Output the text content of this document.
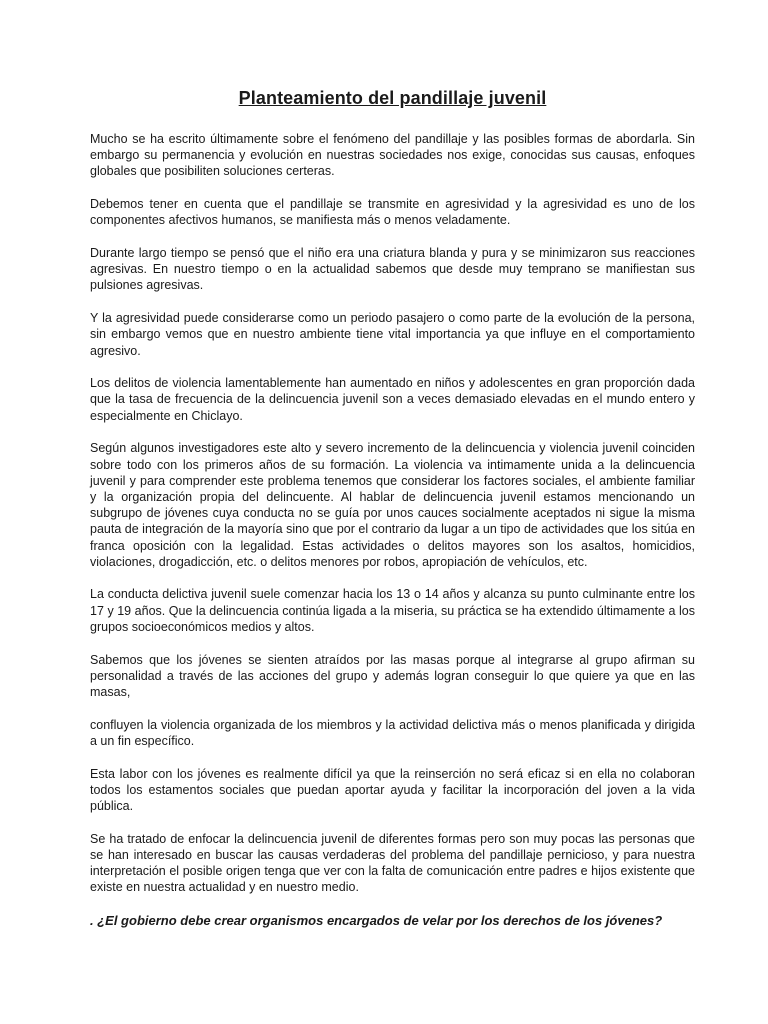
Planteamiento del pandillaje juvenil

Mucho se ha escrito últimamente sobre el fenómeno del pandillaje y las posibles formas de abordarla. Sin embargo su permanencia y evolución en nuestras sociedades nos exige, conocidas sus causas, enfoques globales que posibiliten soluciones certeras.

Debemos tener en cuenta que el pandillaje se transmite en agresividad y la agresividad es uno de los componentes afectivos humanos, se manifiesta más o menos veladamente.

Durante largo tiempo se pensó que el niño era una criatura blanda y pura y se minimizaron sus reacciones agresivas. En nuestro tiempo o en la actualidad sabemos que desde muy temprano se manifiestan sus pulsiones agresivas.

Y la agresividad puede considerarse como un periodo pasajero o como parte de la evolución de la persona, sin embargo vemos que en nuestro ambiente tiene vital importancia ya que influye en el comportamiento agresivo.

Los delitos de violencia lamentablemente han aumentado en niños y adolescentes en gran proporción dada que la tasa de frecuencia de la delincuencia juvenil son a veces demasiado elevadas en el mundo entero y especialmente en Chiclayo.

Según algunos investigadores este alto y severo incremento de la delincuencia y violencia juvenil coinciden sobre todo con los primeros años de su formación. La violencia va intimamente unida a la delincuencia juvenil y para comprender este problema tenemos que considerar los factores sociales, el ambiente familiar y la organización propia del delincuente. Al hablar de delincuencia juvenil estamos mencionando un subgrupo de jóvenes cuya conducta no se guía por unos cauces socialmente aceptados ni sigue la misma pauta de integración de la mayoría sino que por el contrario da lugar a un tipo de actividades que los sitúa en franca oposición con la legalidad. Estas actividades o delitos mayores son los asaltos, homicidios, violaciones, drogadicción, etc. o delitos menores por robos, apropiación de vehículos, etc.

La conducta delictiva juvenil suele comenzar hacia los 13 o 14 años y alcanza su punto culminante entre los 17 y 19 años. Que la delincuencia continúa ligada a la miseria, su práctica se ha extendido últimamente a los grupos socioeconómicos medios y altos.

Sabemos que los jóvenes se sienten atraídos por las masas porque al integrarse al grupo afirman su personalidad a través de las acciones del grupo y además logran conseguir lo que quiere ya que en las masas,

confluyen la violencia organizada de los miembros y la actividad delictiva más o menos planificada y dirigida a un fin específico.

Esta labor con los jóvenes es realmente difícil ya que la reinserción no será eficaz si en ella no colaboran todos los estamentos sociales que puedan aportar ayuda y facilitar la incorporación del joven a la vida pública.

Se ha tratado de enfocar la delincuencia juvenil de diferentes formas pero son muy pocas las personas que se han interesado en buscar las causas verdaderas del problema del pandillaje pernicioso, y para nuestra interpretación el posible origen tenga que ver con la falta de comunicación entre padres e hijos existente que existe en nuestra actualidad y en nuestro medio.

. ¿El gobierno debe crear organismos encargados de velar por los derechos de los jóvenes?
